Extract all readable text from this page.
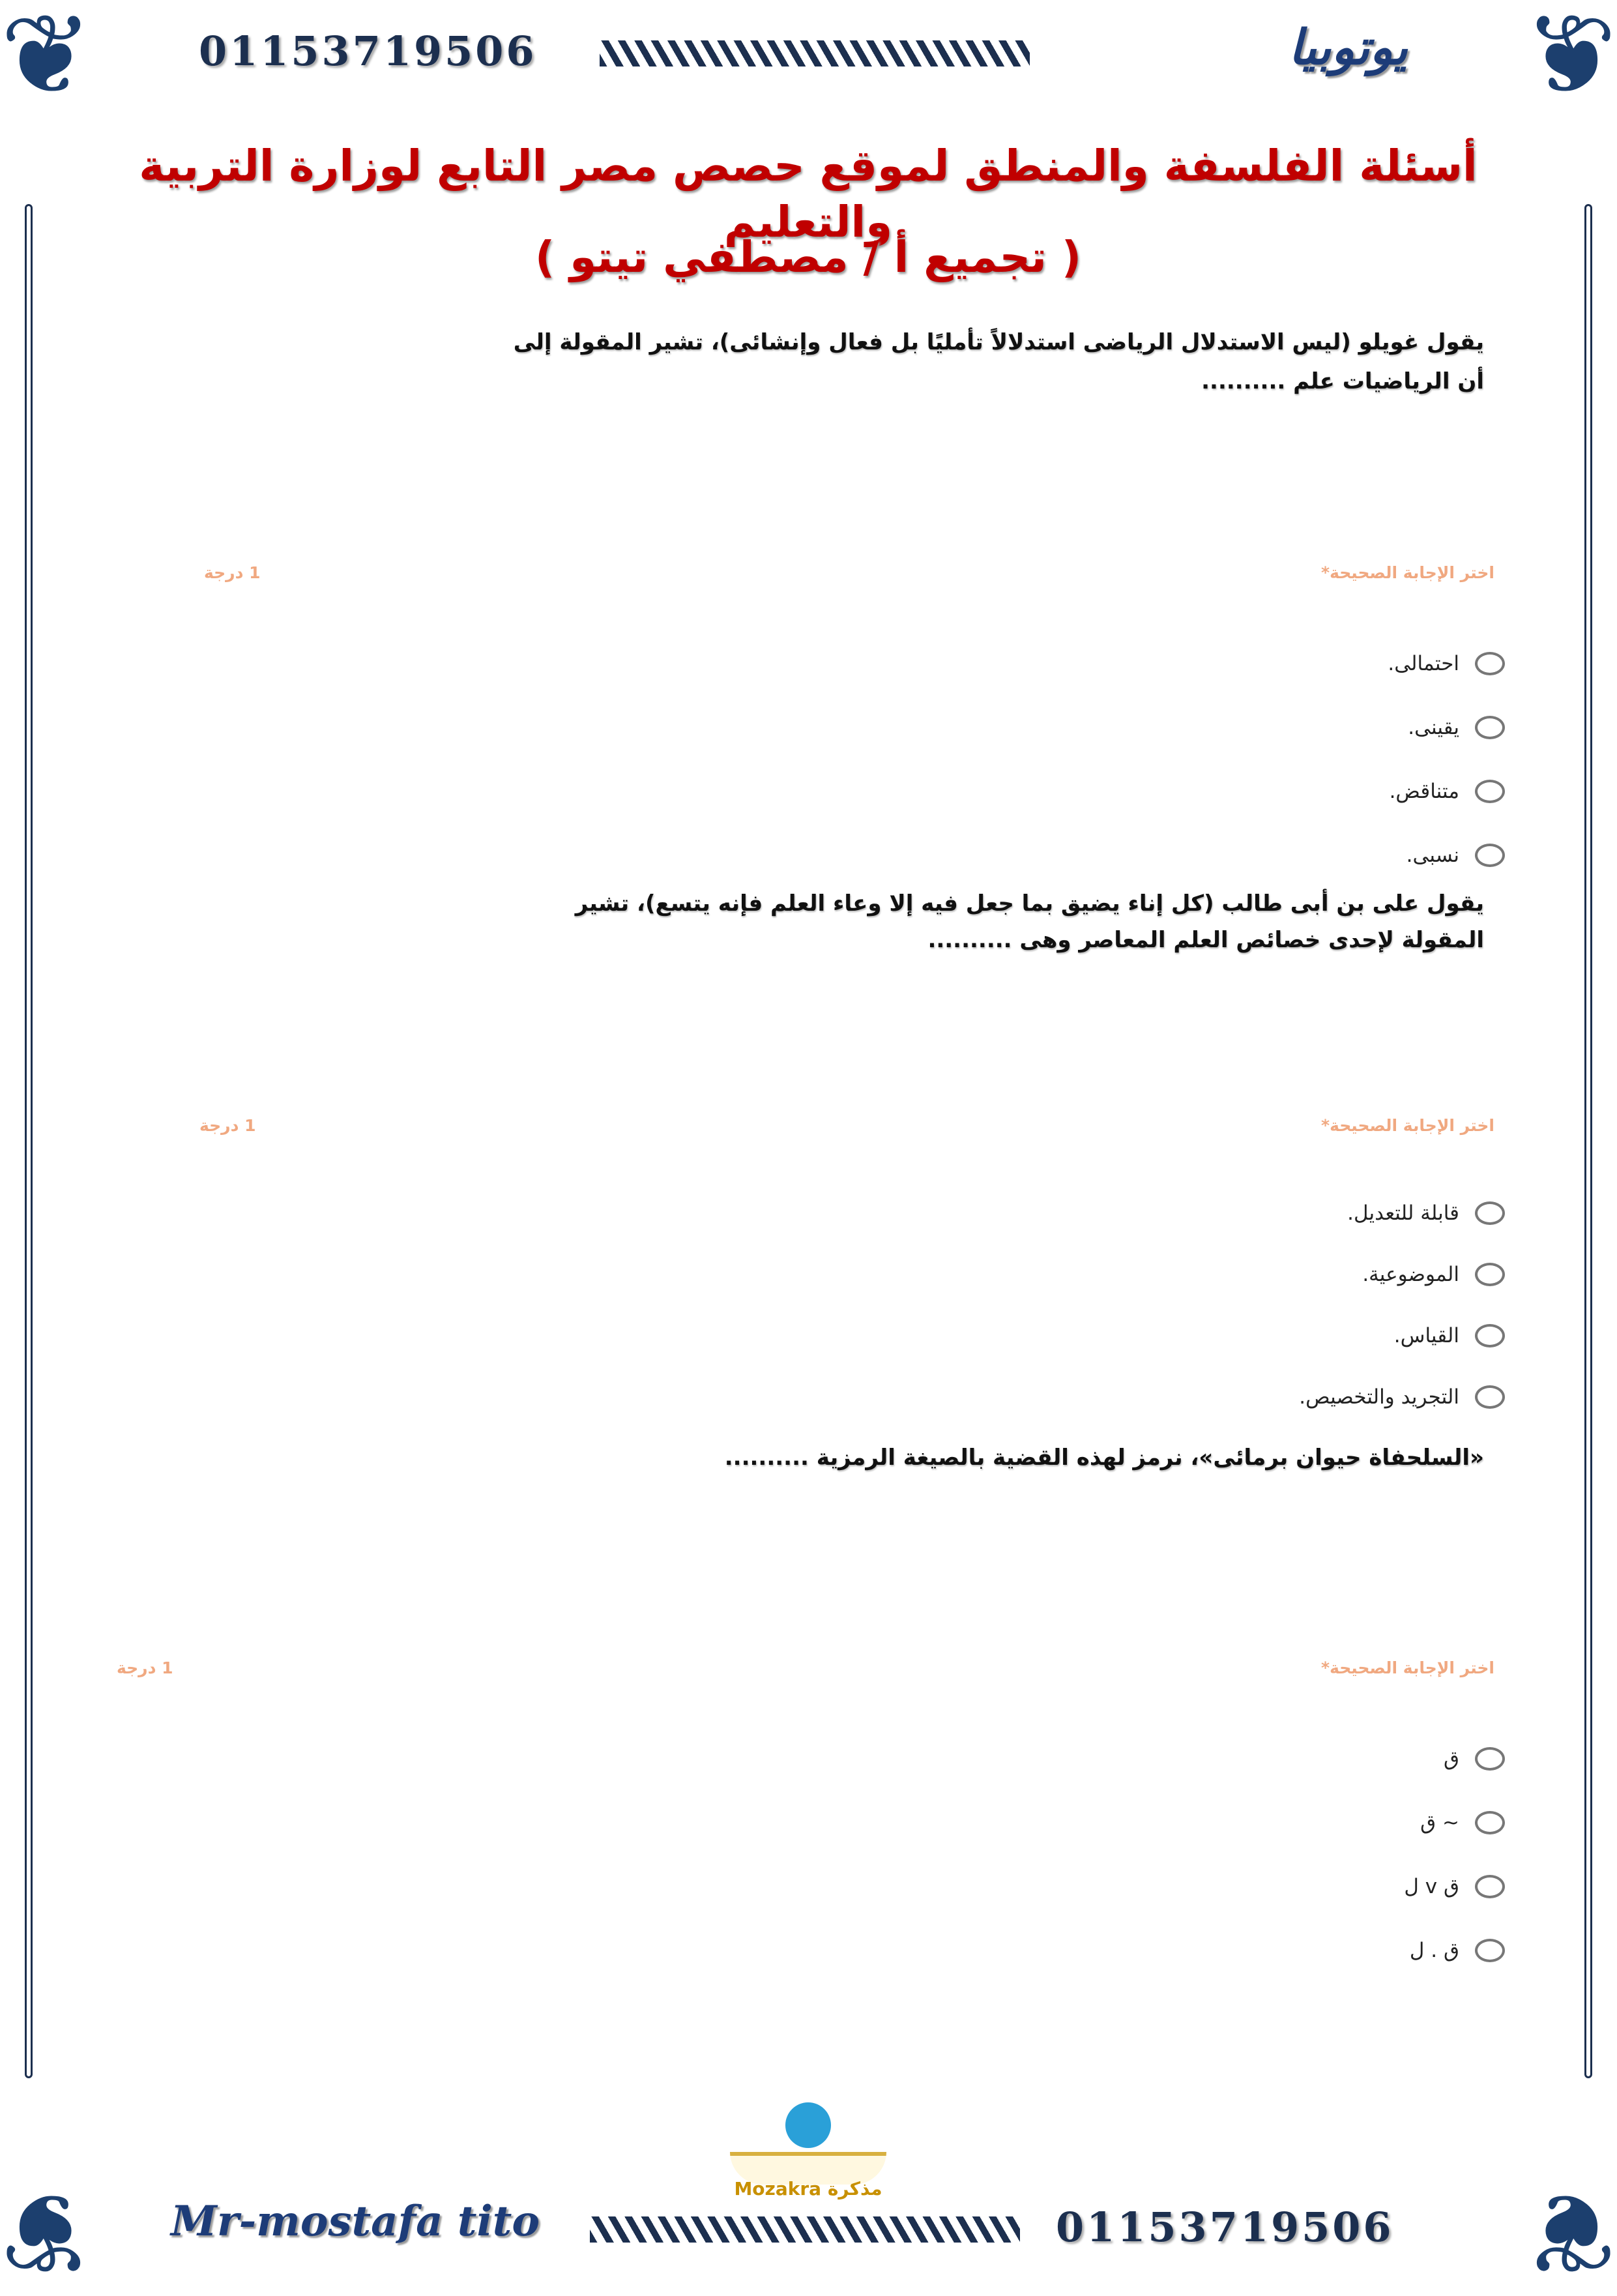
❦	❦
❦	❦
01153719506	يوتوبيا
أسئلة الفلسفة والمنطق لموقع حصص مصر التابع لوزارة التربية والتعليم
( تجميع أ / مصطفي تيتو )
يقول غويلو (ليس الاستدلال الرياضى استدلالاً تأمليًا بل فعال وإنشائى)، تشير المقولة إلى
أن الرياضيات علم ..........
اختر الإجابة الصحيحة*
1 درجة
احتمالى.
يقينى.
متناقض.
نسبى.
يقول على بن أبى طالب (كل إناء يضيق بما جعل فيه إلا وعاء العلم فإنه يتسع)، تشير
المقولة لإحدى خصائص العلم المعاصر وهى ..........
اختر الإجابة الصحيحة*
1 درجة
قابلة للتعديل.
الموضوعية.
القياس.
التجريد والتخصيص.
«السلحفاة حيوان برمائى»، نرمز لهذه القضية بالصيغة الرمزية ..........
اختر الإجابة الصحيحة*
1 درجة
ق
~ ق
ق v ل
ق . ل
Mr-mostafa tito
Mozakra مذكرة
01153719506
